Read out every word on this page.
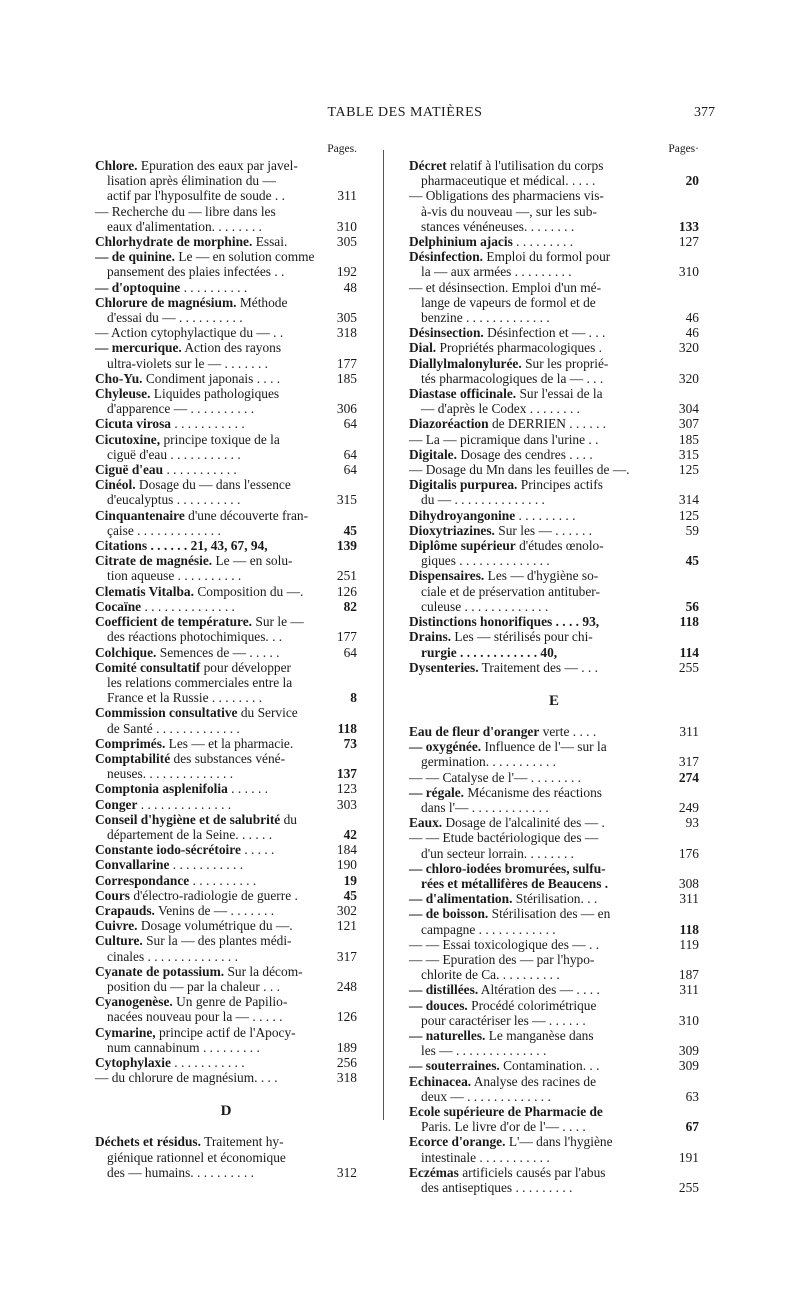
TABLE DES MATIÈRES	377
Pages.
Chlore. Epuration des eaux par javel-
lisation après élimination du —
actif par l'hyposulfite de soude . .	311
— Recherche du — libre dans les
eaux d'alimentation. . . . . . . .	310
Chlorhydrate de morphine. Essai.	305
— de quinine. Le — en solution comme
pansement des plaies infectées . .	192
— d'optoquine . . . . . . . . . .	48
Chlorure de magnésium. Méthode
d'essai du — . . . . . . . . . .	305
— Action cytophylactique du — . .	318
— mercurique. Action des rayons
ultra-violets sur le — . . . . . . .	177
Cho-Yu. Condiment japonais . . . .	185
Chyleuse. Liquides pathologiques
d'apparence — . . . . . . . . . .	306
Cicuta virosa . . . . . . . . . . .	64
Cicutoxine, principe toxique de la
ciguë d'eau . . . . . . . . . . .	64
Ciguë d'eau . . . . . . . . . . .	64
Cinéol. Dosage du — dans l'essence
d'eucalyptus . . . . . . . . . .	315
Cinquantenaire d'une découverte fran-
çaise . . . . . . . . . . . . .	45
Citations . . . . . . 21, 43, 67, 94,	139
Citrate de magnésie. Le — en solu-
tion aqueuse . . . . . . . . . .	251
Clematis Vitalba. Composition du —.	126
Cocaïne . . . . . . . . . . . . . .	82
Coefficient de température. Sur le —
des réactions photochimiques. . .	177
Colchique. Semences de — . . . . .	64
Comité consultatif pour développer
les relations commerciales entre la
France et la Russie . . . . . . . .	8
Commission consultative du Service
de Santé . . . . . . . . . . . . .	118
Comprimés. Les — et la pharmacie.	73
Comptabilité des substances véné-
neuses. . . . . . . . . . . . . .	137
Comptonia asplenifolia . . . . . .	123
Conger . . . . . . . . . . . . . .	303
Conseil d'hygiène et de salubrité du
département de la Seine. . . . . .	42
Constante iodo-sécrétoire . . . . .	184
Convallarine . . . . . . . . . . .	190
Correspondance . . . . . . . . . .	19
Cours d'électro-radiologie de guerre .	45
Crapauds. Venins de — . . . . . . .	302
Cuivre. Dosage volumétrique du —.	121
Culture. Sur la — des plantes médi-
cinales . . . . . . . . . . . . . .	317
Cyanate de potassium. Sur la décom-
position du — par la chaleur . . .	248
Cyanogenèse. Un genre de Papilio-
nacées nouveau pour la — . . . . .	126
Cymarine, principe actif de l'Apocy-
num cannabinum . . . . . . . . .	189
Cytophylaxie . . . . . . . . . . .	256
— du chlorure de magnésium. . . .	318
D
Déchets et résidus. Traitement hy-
giénique rationnel et économique
des — humains. . . . . . . . . .	312
Pages·
Décret relatif à l'utilisation du corps
pharmaceutique et médical. . . . .	20
— Obligations des pharmaciens vis-
à-vis du nouveau —, sur les sub-
stances vénéneuses. . . . . . . .	133
Delphinium ajacis . . . . . . . . .	127
Désinfection. Emploi du formol pour
la — aux armées . . . . . . . . .	310
— et désinsection. Emploi d'un mé-
lange de vapeurs de formol et de
benzine . . . . . . . . . . . . .	46
Désinsection. Désinfection et — . . .	46
Dial. Propriétés pharmacologiques .	320
Diallylmalonylurée. Sur les proprié-
tés pharmacologiques de la — . . .	320
Diastase officinale. Sur l'essai de la
— d'après le Codex . . . . . . . .	304
Diazoréaction de DERRIEN . . . . . .	307
— La — picramique dans l'urine . .	185
Digitale. Dosage des cendres . . . .	315
— Dosage du Mn dans les feuilles de —.	125
Digitalis purpurea. Principes actifs
du — . . . . . . . . . . . . . .	314
Dihydroyangonine . . . . . . . . .	125
Dioxytriazines. Sur les — . . . . . .	59
Diplôme supérieur d'études œnolo-
giques . . . . . . . . . . . . . .	45
Dispensaires. Les — d'hygiène so-
ciale et de préservation antituber-
culeuse . . . . . . . . . . . . .	56
Distinctions honorifiques . . . . 93,	118
Drains. Les — stérilisés pour chi-
rurgie . . . . . . . . . . . . 40,	114
Dysenteries. Traitement des — . . .	255
E
Eau de fleur d'oranger verte . . . .	311
— oxygénée. Influence de l'— sur la
germination. . . . . . . . . . .	317
— — Catalyse de l'— . . . . . . . .	274
— régale. Mécanisme des réactions
dans l'— . . . . . . . . . . . .	249
Eaux. Dosage de l'alcalinité des — .	93
— — Etude bactériologique des —
d'un secteur lorrain. . . . . . . .	176
— chloro-iodées bromurées, sulfu-
rées et métallifères de Beaucens .	308
— d'alimentation. Stérilisation. . .	311
— de boisson. Stérilisation des — en
campagne . . . . . . . . . . . .	118
— — Essai toxicologique des — . .	119
— — Epuration des — par l'hypo-
chlorite de Ca. . . . . . . . . .	187
— distillées. Altération des — . . . .	311
— douces. Procédé colorimétrique
pour caractériser les — . . . . . .	310
— naturelles. Le manganèse dans
les — . . . . . . . . . . . . . .	309
— souterraines. Contamination. . .	309
Echinacea. Analyse des racines de
deux — . . . . . . . . . . . . .	63
Ecole supérieure de Pharmacie de
Paris. Le livre d'or de l'— . . . .	67
Ecorce d'orange. L'— dans l'hygiène
intestinale . . . . . . . . . . .	191
Eczémas artificiels causés par l'abus
des antiseptiques . . . . . . . . .	255
